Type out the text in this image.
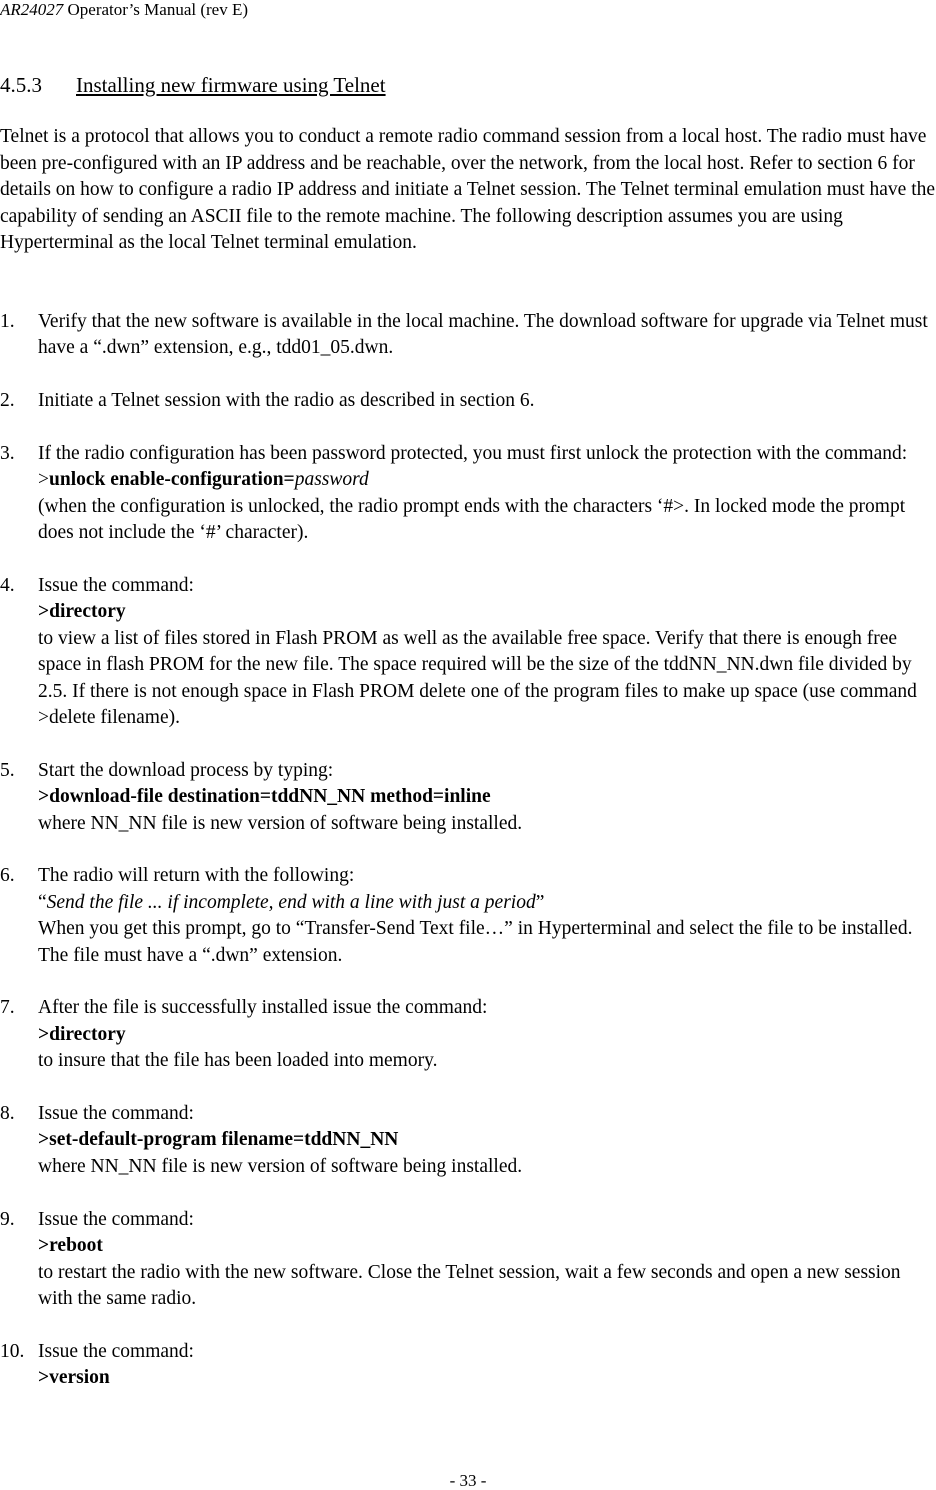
AR24027 Operator’s Manual (rev E)
4.5.3 Installing new firmware using Telnet

Telnet is a protocol that allows you to conduct a remote radio command session from a local host. The radio must have been pre-configured with an IP address and be reachable, over the network, from the local host. Refer to section 6 for details on how to configure a radio IP address and initiate a Telnet session. The Telnet terminal emulation must have the capability of sending an ASCII file to the remote machine. The following description assumes you are using Hyperterminal as the local Telnet terminal emulation.

1. Verify that the new software is available in the local machine. The download software for upgrade via Telnet must have a “.dwn” extension, e.g., tdd01_05.dwn.
2. Initiate a Telnet session with the radio as described in section 6.
3. If the radio configuration has been password protected, you must first unlock the protection with the command:
>unlock enable-configuration=password
(when the configuration is unlocked, the radio prompt ends with the characters ‘#>. In locked mode the prompt does not include the ‘#’ character).
4. Issue the command:
>directory
to view a list of files stored in Flash PROM as well as the available free space. Verify that there is enough free space in flash PROM for the new file. The space required will be the size of the tddNN_NN.dwn file divided by 2.5. If there is not enough space in Flash PROM delete one of the program files to make up space (use command >delete filename).
5. Start the download process by typing:
>download-file destination=tddNN_NN method=inline
where NN_NN file is new version of software being installed.
6. The radio will return with the following:
“Send the file ... if incomplete, end with a line with just a period”
When you get this prompt, go to “Transfer-Send Text file…” in Hyperterminal and select the file to be installed. The file must have a “.dwn” extension.
7. After the file is successfully installed issue the command:
>directory
to insure that the file has been loaded into memory.
8. Issue the command:
>set-default-program filename=tddNN_NN
where NN_NN file is new version of software being installed.
9. Issue the command:
>reboot
to restart the radio with the new software. Close the Telnet session, wait a few seconds and open a new session with the same radio.
10. Issue the command:
>version
- 33 -
